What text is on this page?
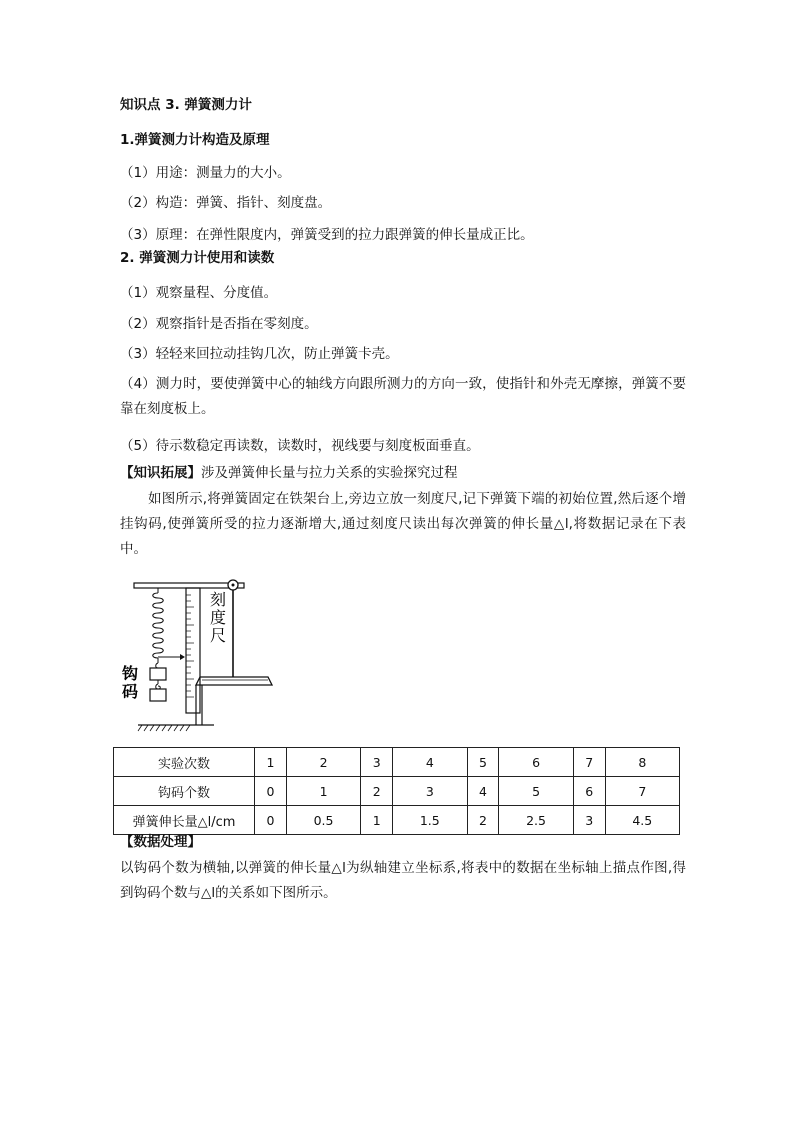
知识点 3. 弹簧测力计
1.弹簧测力计构造及原理
（1）用途：测量力的大小。
（2）构造：弹簧、指针、刻度盘。
（3）原理：在弹性限度内，弹簧受到的拉力跟弹簧的伸长量成正比。
2. 弹簧测力计使用和读数
（1）观察量程、分度值。
（2）观察指针是否指在零刻度。
（3）轻轻来回拉动挂钩几次，防止弹簧卡壳。
（4）测力时，要使弹簧中心的轴线方向跟所测力的方向一致，使指针和外壳无摩擦，弹簧不要靠在刻度板上。
（5）待示数稳定再读数，读数时，视线要与刻度板面垂直。
【知识拓展】涉及弹簧伸长量与拉力关系的实验探究过程
如图所示,将弹簧固定在铁架台上,旁边立放一刻度尺,记下弹簧下端的初始位置,然后逐个增挂钩码,使弹簧所受的拉力逐渐增大,通过刻度尺读出每次弹簧的伸长量△l,将数据记录在下表中。
刻
度
尺
钩
码
实验次数	1	2	3	4	5	6	7	8
钩码个数	0	1	2	3	4	5	6	7
弹簧伸长量△l/cm	0	0.5	1	1.5	2	2.5	3	4.5
【数据处理】
以钩码个数为横轴,以弹簧的伸长量△l为纵轴建立坐标系,将表中的数据在坐标轴上描点作图,得到钩码个数与△l的关系如下图所示。
